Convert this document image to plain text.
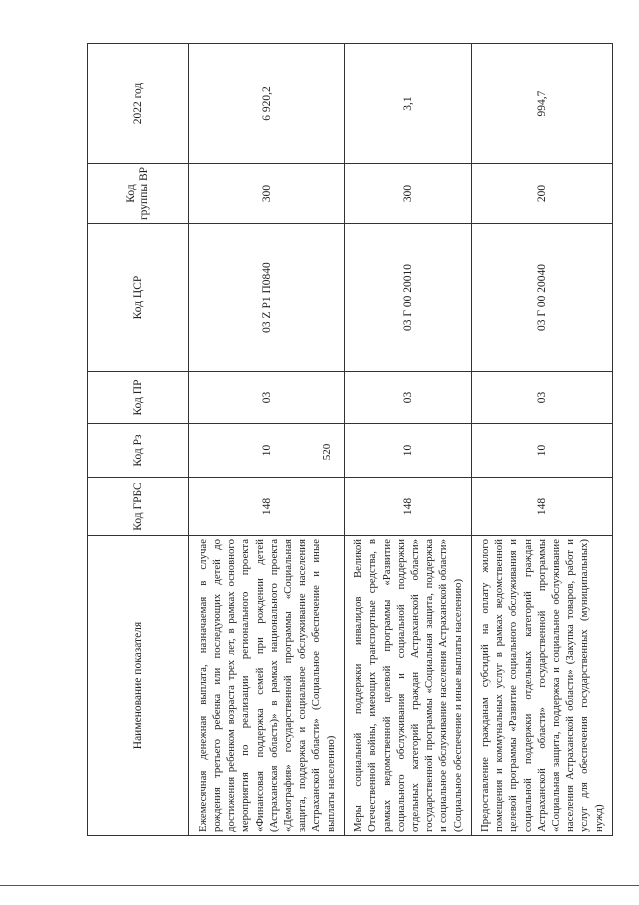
520
Наименование показателя	Код ГРБС	Код Рз	Код ПР	Код ЦСР	Код группы ВР	2022 год

Ежемесячная денежная выплата, назначаемая в случае рождения третьего ребенка или последующих детей до достижения ребенком возраста трех лет, в рамках основного мероприятия по реализации регионального проекта «Финансовая поддержка семей при рождении детей (Астраханская область)» в рамках национального проекта «Демография» государственной программы «Социальная защита, поддержка и социальное обслуживание населения Астраханской области» (Социальное обеспечение и иные выплаты населению)	148	10	03	03 Z P1 П0840	300	6 920,2
Меры социальной поддержки инвалидов Великой Отечественной войны, имеющих транспортные средства, в рамках ведомственной целевой программы «Развитие социального обслуживания и социальной поддержки отдельных категорий граждан Астраханской области» государственной программы «Социальная защита, поддержка и социальное обслуживание населения Астраханской области» (Социальное обеспечение и иные выплаты населению)	148	10	03	03 Г 00 20010	300	3,1
Предоставление гражданам субсидий на оплату жилого помещения и коммунальных услуг в рамках ведомственной целевой программы «Развитие социального обслуживания и социальной поддержки отдельных категорий граждан Астраханской области» государственной программы «Социальная защита, поддержка и социальное обслуживание населения Астраханской области» (Закупка товаров, работ и услуг для обеспечения государственных (муниципальных) нужд)	148	10	03	03 Г 00 20040	200	994,7
